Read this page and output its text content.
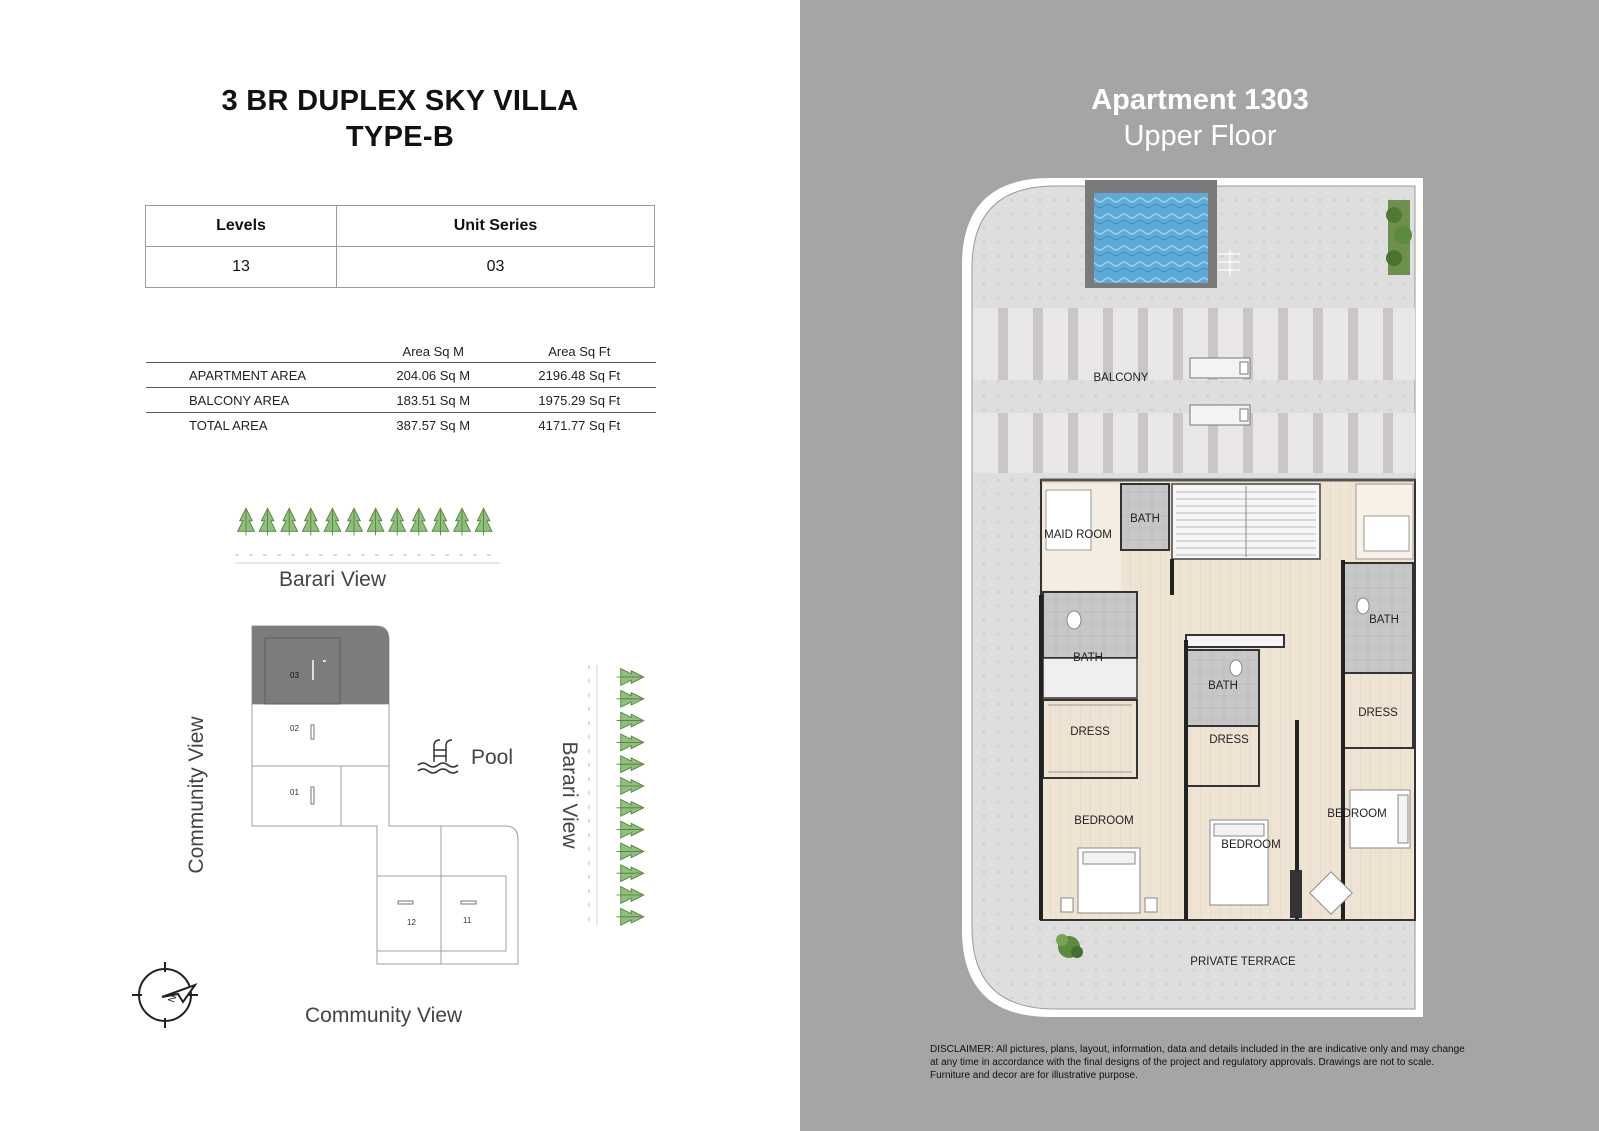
3 BR DUPLEX SKY VILLA
TYPE-B
Levels	Unit Series
13	03
	Area Sq M	Area Sq Ft
APARTMENT AREA	204.06 Sq M	2196.48 Sq Ft
BALCONY AREA	183.51 Sq M	1975.29 Sq Ft
TOTAL AREA	387.57 Sq M	4171.77 Sq Ft
03
02
01
12	11
Pool
N
Barari View
Community View	Barari View
Community View
Apartment 1303
Upper Floor
BALCONY
MAID ROOM
BATH
BATH
BATH
BATH
DRESS
DRESS
DRESS
BEDROOM
BEDROOM
BEDROOM
PRIVATE TERRACE
DISCLAIMER: All pictures, plans, layout, information, data and details included in the are indicative only and may change at any time in accordance with the final designs of the project and regulatory approvals. Drawings are not to scale. Furniture and decor are for illustrative purpose.
